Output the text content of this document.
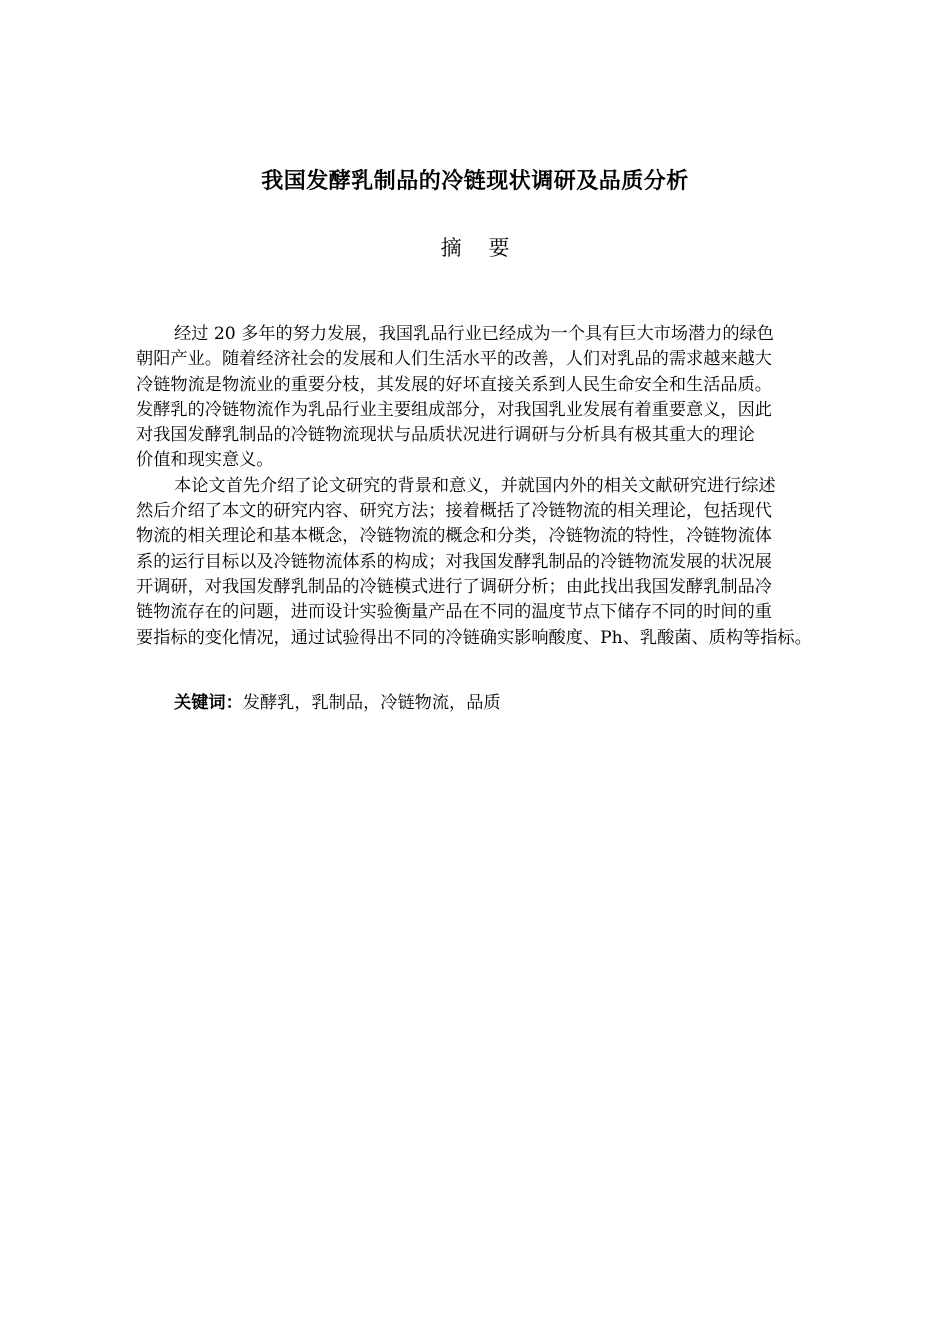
我国发酵乳制品的冷链现状调研及品质分析
摘 要
经过 20 多年的努力发展，我国乳品行业已经成为一个具有巨大市场潜力的绿色
朝阳产业。随着经济社会的发展和人们生活水平的改善，人们对乳品的需求越来越大
冷链物流是物流业的重要分枝，其发展的好坏直接关系到人民生命安全和生活品质。
发酵乳的冷链物流作为乳品行业主要组成部分，对我国乳业发展有着重要意义，因此
对我国发酵乳制品的冷链物流现状与品质状况进行调研与分析具有极其重大的理论
价值和现实意义。
本论文首先介绍了论文研究的背景和意义，并就国内外的相关文献研究进行综述
然后介绍了本文的研究内容、研究方法；接着概括了冷链物流的相关理论，包括现代
物流的相关理论和基本概念，冷链物流的概念和分类，冷链物流的特性，冷链物流体
系的运行目标以及冷链物流体系的构成；对我国发酵乳制品的冷链物流发展的状况展
开调研，对我国发酵乳制品的冷链模式进行了调研分析；由此找出我国发酵乳制品冷
链物流存在的问题，进而设计实验衡量产品在不同的温度节点下储存不同的时间的重
要指标的变化情况，通过试验得出不同的冷链确实影响酸度、Ph、乳酸菌、质构等指标。
关键词：发酵乳，乳制品，冷链物流，品质
